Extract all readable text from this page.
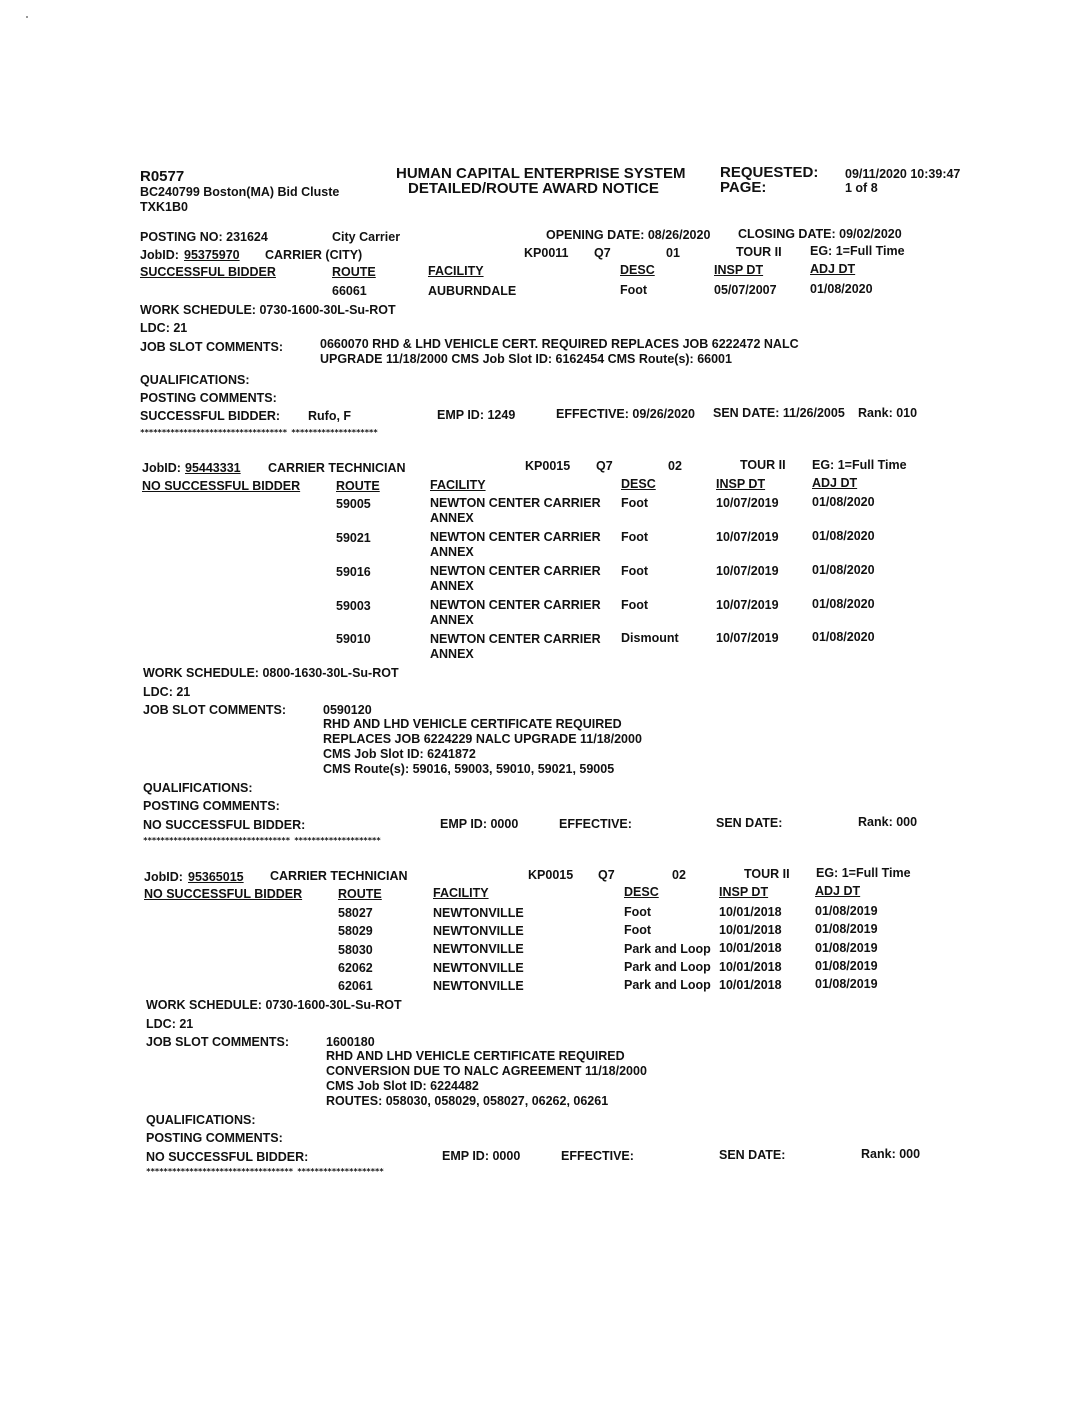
R0577
BC240799 Boston(MA) Bid Cluste
TXK1B0
HUMAN CAPITAL ENTERPRISE SYSTEM
DETAILED/ROUTE AWARD NOTICE
REQUESTED: 09/11/2020 10:39:47
PAGE:	1 of 8
POSTING NO: 231624	City Carrier	OPENING DATE: 08/26/2020 CLOSING DATE: 09/02/2020
JobID: 95375970 CARRIER (CITY)	KP0011 Q7	01	TOUR II EG: 1=Full Time
SUCCESSFUL BIDDER	ROUTE	FACILITY	DESC	INSP DT	ADJ DT
66061	AUBURNDALE	Foot	05/07/2007	01/08/2020
WORK SCHEDULE: 0730-1600-30L-Su-ROT
LDC: 21
JOB SLOT COMMENTS:	0660070 RHD & LHD VEHICLE CERT. REQUIRED REPLACES JOB 6222472 NALC
UPGRADE 11/18/2000 CMS Job Slot ID: 6162454 CMS Route(s): 66001
QUALIFICATIONS:
POSTING COMMENTS:
SUCCESSFUL BIDDER: Rufo, F	EMP ID: 1249	EFFECTIVE: 09/26/2020 SEN DATE: 11/26/2005 Rank: 010
********************************** ********************
JobID: 95443331 CARRIER TECHNICIAN	KP0015 Q7	02	TOUR II EG: 1=Full Time
NO SUCCESSFUL BIDDER	ROUTE	FACILITY	DESC	INSP DT	ADJ DT
59005	NEWTON CENTER CARRIER
ANNEX
Foot	10/07/2019	01/08/2020
59021	NEWTON CENTER CARRIER
ANNEX
Foot	10/07/2019	01/08/2020
59016	NEWTON CENTER CARRIER
ANNEX
Foot	10/07/2019	01/08/2020
59003	NEWTON CENTER CARRIER
ANNEX
Foot	10/07/2019	01/08/2020
59010	NEWTON CENTER CARRIER
ANNEX
Dismount	10/07/2019	01/08/2020
WORK SCHEDULE: 0800-1630-30L-Su-ROT
LDC: 21
JOB SLOT COMMENTS:	0590120
RHD AND LHD VEHICLE CERTIFICATE REQUIRED
REPLACES JOB 6224229 NALC UPGRADE 11/18/2000
CMS Job Slot ID: 6241872
CMS Route(s): 59016, 59003, 59010, 59021, 59005
QUALIFICATIONS:
POSTING COMMENTS:
NO SUCCESSFUL BIDDER:	EMP ID: 0000	EFFECTIVE:	SEN DATE:	Rank: 000
********************************** ********************
JobID: 95365015 CARRIER TECHNICIAN	KP0015 Q7	02	TOUR II EG: 1=Full Time
NO SUCCESSFUL BIDDER	ROUTE	FACILITY	DESC	INSP DT	ADJ DT
58027	NEWTONVILLE	Foot	10/01/2018	01/08/2019
58029	NEWTONVILLE	Foot	10/01/2018	01/08/2019
58030	NEWTONVILLE	Park and Loop 10/01/2018	01/08/2019
62062	NEWTONVILLE	Park and Loop 10/01/2018	01/08/2019
62061	NEWTONVILLE	Park and Loop 10/01/2018	01/08/2019
WORK SCHEDULE: 0730-1600-30L-Su-ROT
LDC: 21
JOB SLOT COMMENTS:	1600180
RHD AND LHD VEHICLE CERTIFICATE REQUIRED
CONVERSION DUE TO NALC AGREEMENT 11/18/2000
CMS Job Slot ID: 6224482
ROUTES: 058030, 058029, 058027, 06262, 06261
QUALIFICATIONS:
POSTING COMMENTS:
NO SUCCESSFUL BIDDER:	EMP ID: 0000	EFFECTIVE:	SEN DATE:	Rank: 000
********************************** ********************
